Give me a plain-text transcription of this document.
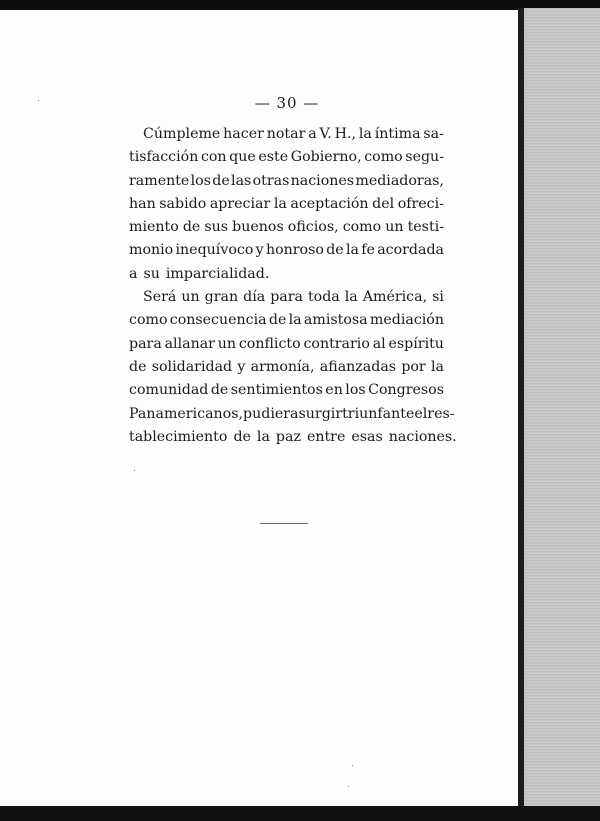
— 30 —
Cúmpleme hacer notar a V. H., la íntima sa-
tisfacción con que este Gobierno, como segu-
ramente los de las otras naciones mediadoras,
han sabido apreciar la aceptación del ofreci-
miento de sus buenos oficios, como un testi-
monio inequívoco y honroso de la fe acordada
a su imparcialidad.
Será un gran día para toda la América, si
como consecuencia de la amistosa mediación
para allanar un conflicto contrario al espíritu
de solidaridad y armonía, afianzadas por la
comunidad de sentimientos en los Congresos
Panamericanos, pudiera surgir triunfante el res-
tablecimiento de la paz entre esas naciones.
